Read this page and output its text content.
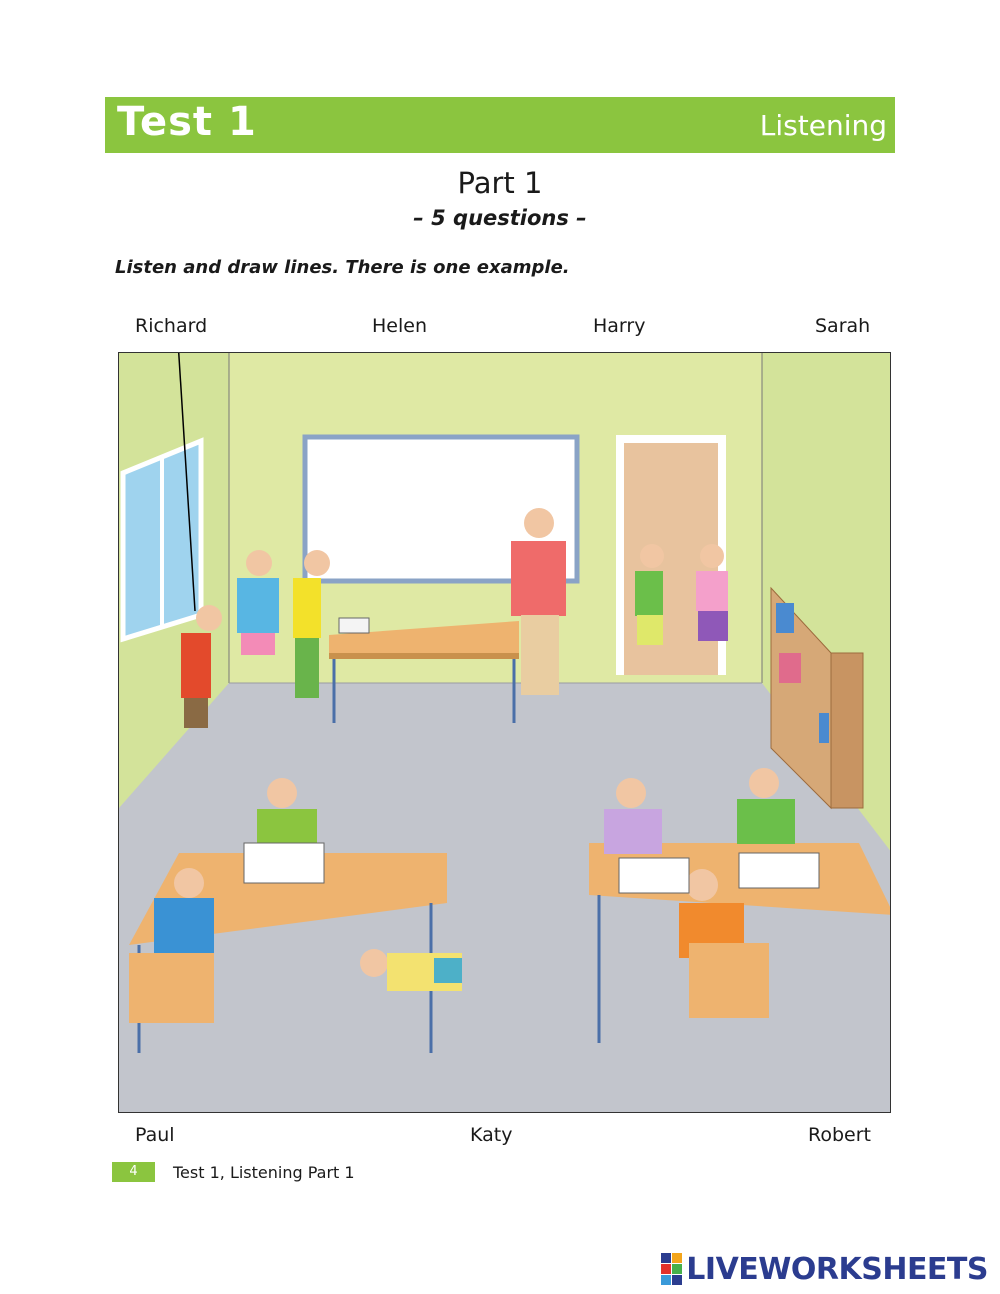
Test 1	Listening
Part 1
– 5 questions –
Listen and draw lines. There is one example.
Richard	Helen	Harry	Sarah
Paul	Katy	Robert
4	Test 1, Listening Part 1
LIVEWORKSHEETS
